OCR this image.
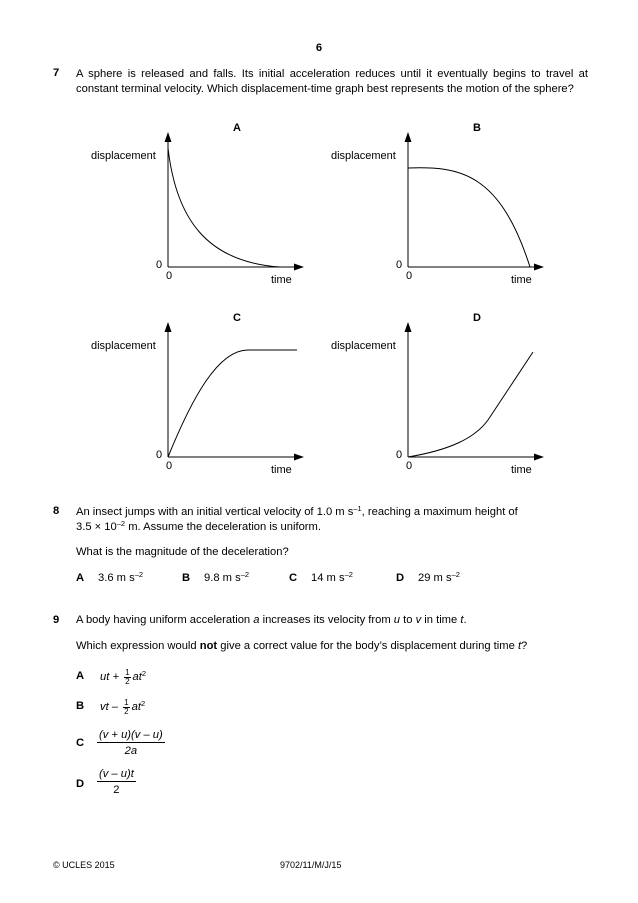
6
7 A sphere is released and falls. Its initial acceleration reduces until it eventually begins to travel at constant terminal velocity. Which displacement-time graph best represents the motion of the sphere?
A
displacement
0
0	time
B
displacement
0
0	time
C
displacement
0
0	time
D
displacement
0
0	time
8 An insect jumps with an initial vertical velocity of 1.0 m $s^{-1}$, reaching a maximum height of
$3.5 \times 10^{-2}$ m. Assume the deceleration is uniform.
What is the magnitude of the deceleration?
A 3.6 m $s^{-2}$	B 9.8 m $s^{-2}$	C 14 m $s^{-2}$	D 29 m $s^{-2}$
9 A body having uniform acceleration a increases its velocity from u to v in time t.
Which expression would not give a correct value for the body’s displacement during time t?
A ut + $\frac{1}{2} at^2$
B vt – $\frac{1}{2} at^2$
C $\frac{(v + u)(v - u)}{2a}$
D $\frac{(v - u)t}{2}$
© UCLES 2015	9702/11/M/J/15
